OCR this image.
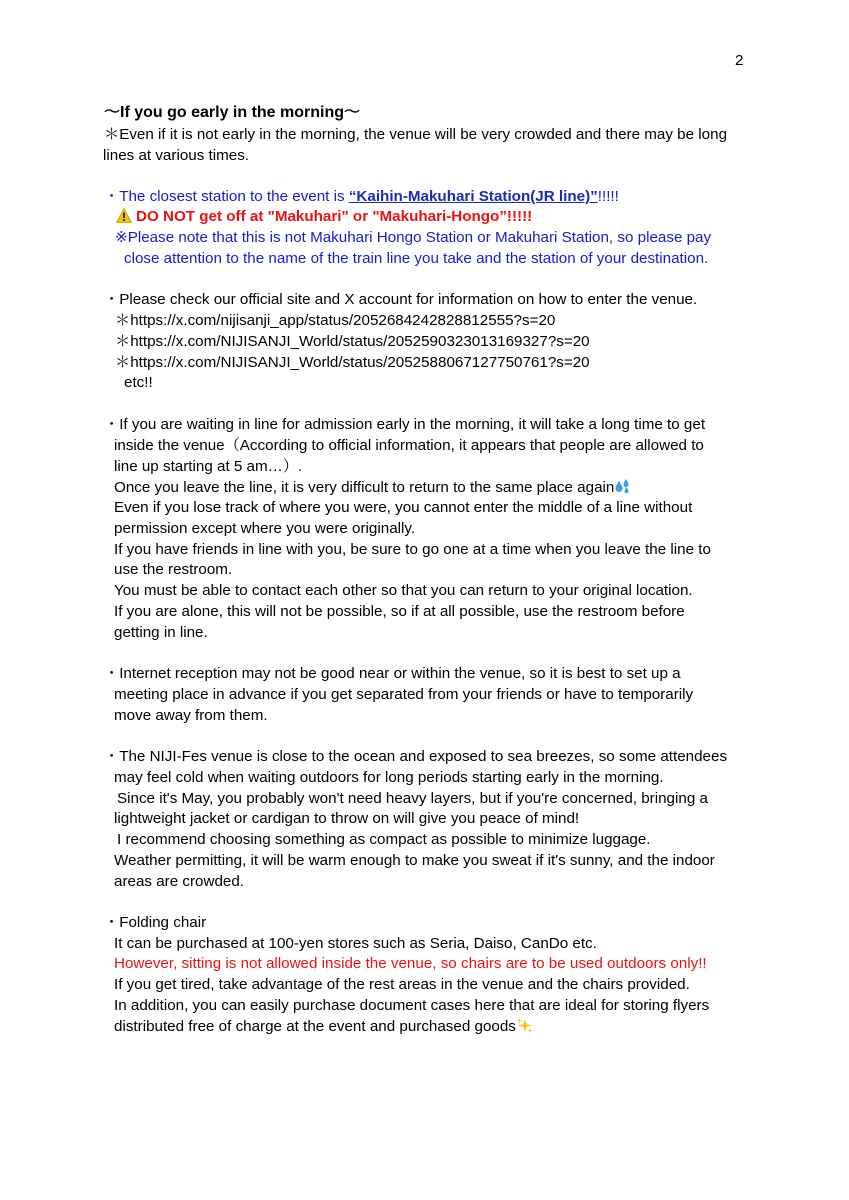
2
〜If you go early in the morning〜
＊Even if it is not early in the morning, the venue will be very crowded and there may be long
lines at various times.
・The closest station to the event is “Kaihin-Makuhari Station(JR line)”!!!!!
DO NOT get off at "Makuhari" or "Makuhari-Hongo”!!!!!
※Please note that this is not Makuhari Hongo Station or Makuhari Station, so please pay
close attention to the name of the train line you take and the station of your destination.
・Please check our official site and X account for information on how to enter the venue.
＊https://x.com/nijisanji_app/status/2052684242828812555?s=20
＊https://x.com/NIJISANJI_World/status/2052590323013169327?s=20
＊https://x.com/NIJISANJI_World/status/2052588067127750761?s=20
etc!!
・If you are waiting in line for admission early in the morning, it will take a long time to get
inside the venue（According to official information, it appears that people are allowed to
line up starting at 5 am…）.
Once you leave the line, it is very difficult to return to the same place again
Even if you lose track of where you were, you cannot enter the middle of a line without
permission except where you were originally.
If you have friends in line with you, be sure to go one at a time when you leave the line to
use the restroom.
You must be able to contact each other so that you can return to your original location.
If you are alone, this will not be possible, so if at all possible, use the restroom before
getting in line.
・Internet reception may not be good near or within the venue, so it is best to set up a
meeting place in advance if you get separated from your friends or have to temporarily
move away from them.
・The NIJI-Fes venue is close to the ocean and exposed to sea breezes, so some attendees
may feel cold when waiting outdoors for long periods starting early in the morning.
Since it's May, you probably won't need heavy layers, but if you're concerned, bringing a
lightweight jacket or cardigan to throw on will give you peace of mind!
I recommend choosing something as compact as possible to minimize luggage.
Weather permitting, it will be warm enough to make you sweat if it's sunny, and the indoor
areas are crowded.
・Folding chair
It can be purchased at 100-yen stores such as Seria, Daiso, CanDo etc.
However, sitting is not allowed inside the venue, so chairs are to be used outdoors only!!
If you get tired, take advantage of the rest areas in the venue and the chairs provided.
In addition, you can easily purchase document cases here that are ideal for storing flyers
distributed free of charge at the event and purchased goods
